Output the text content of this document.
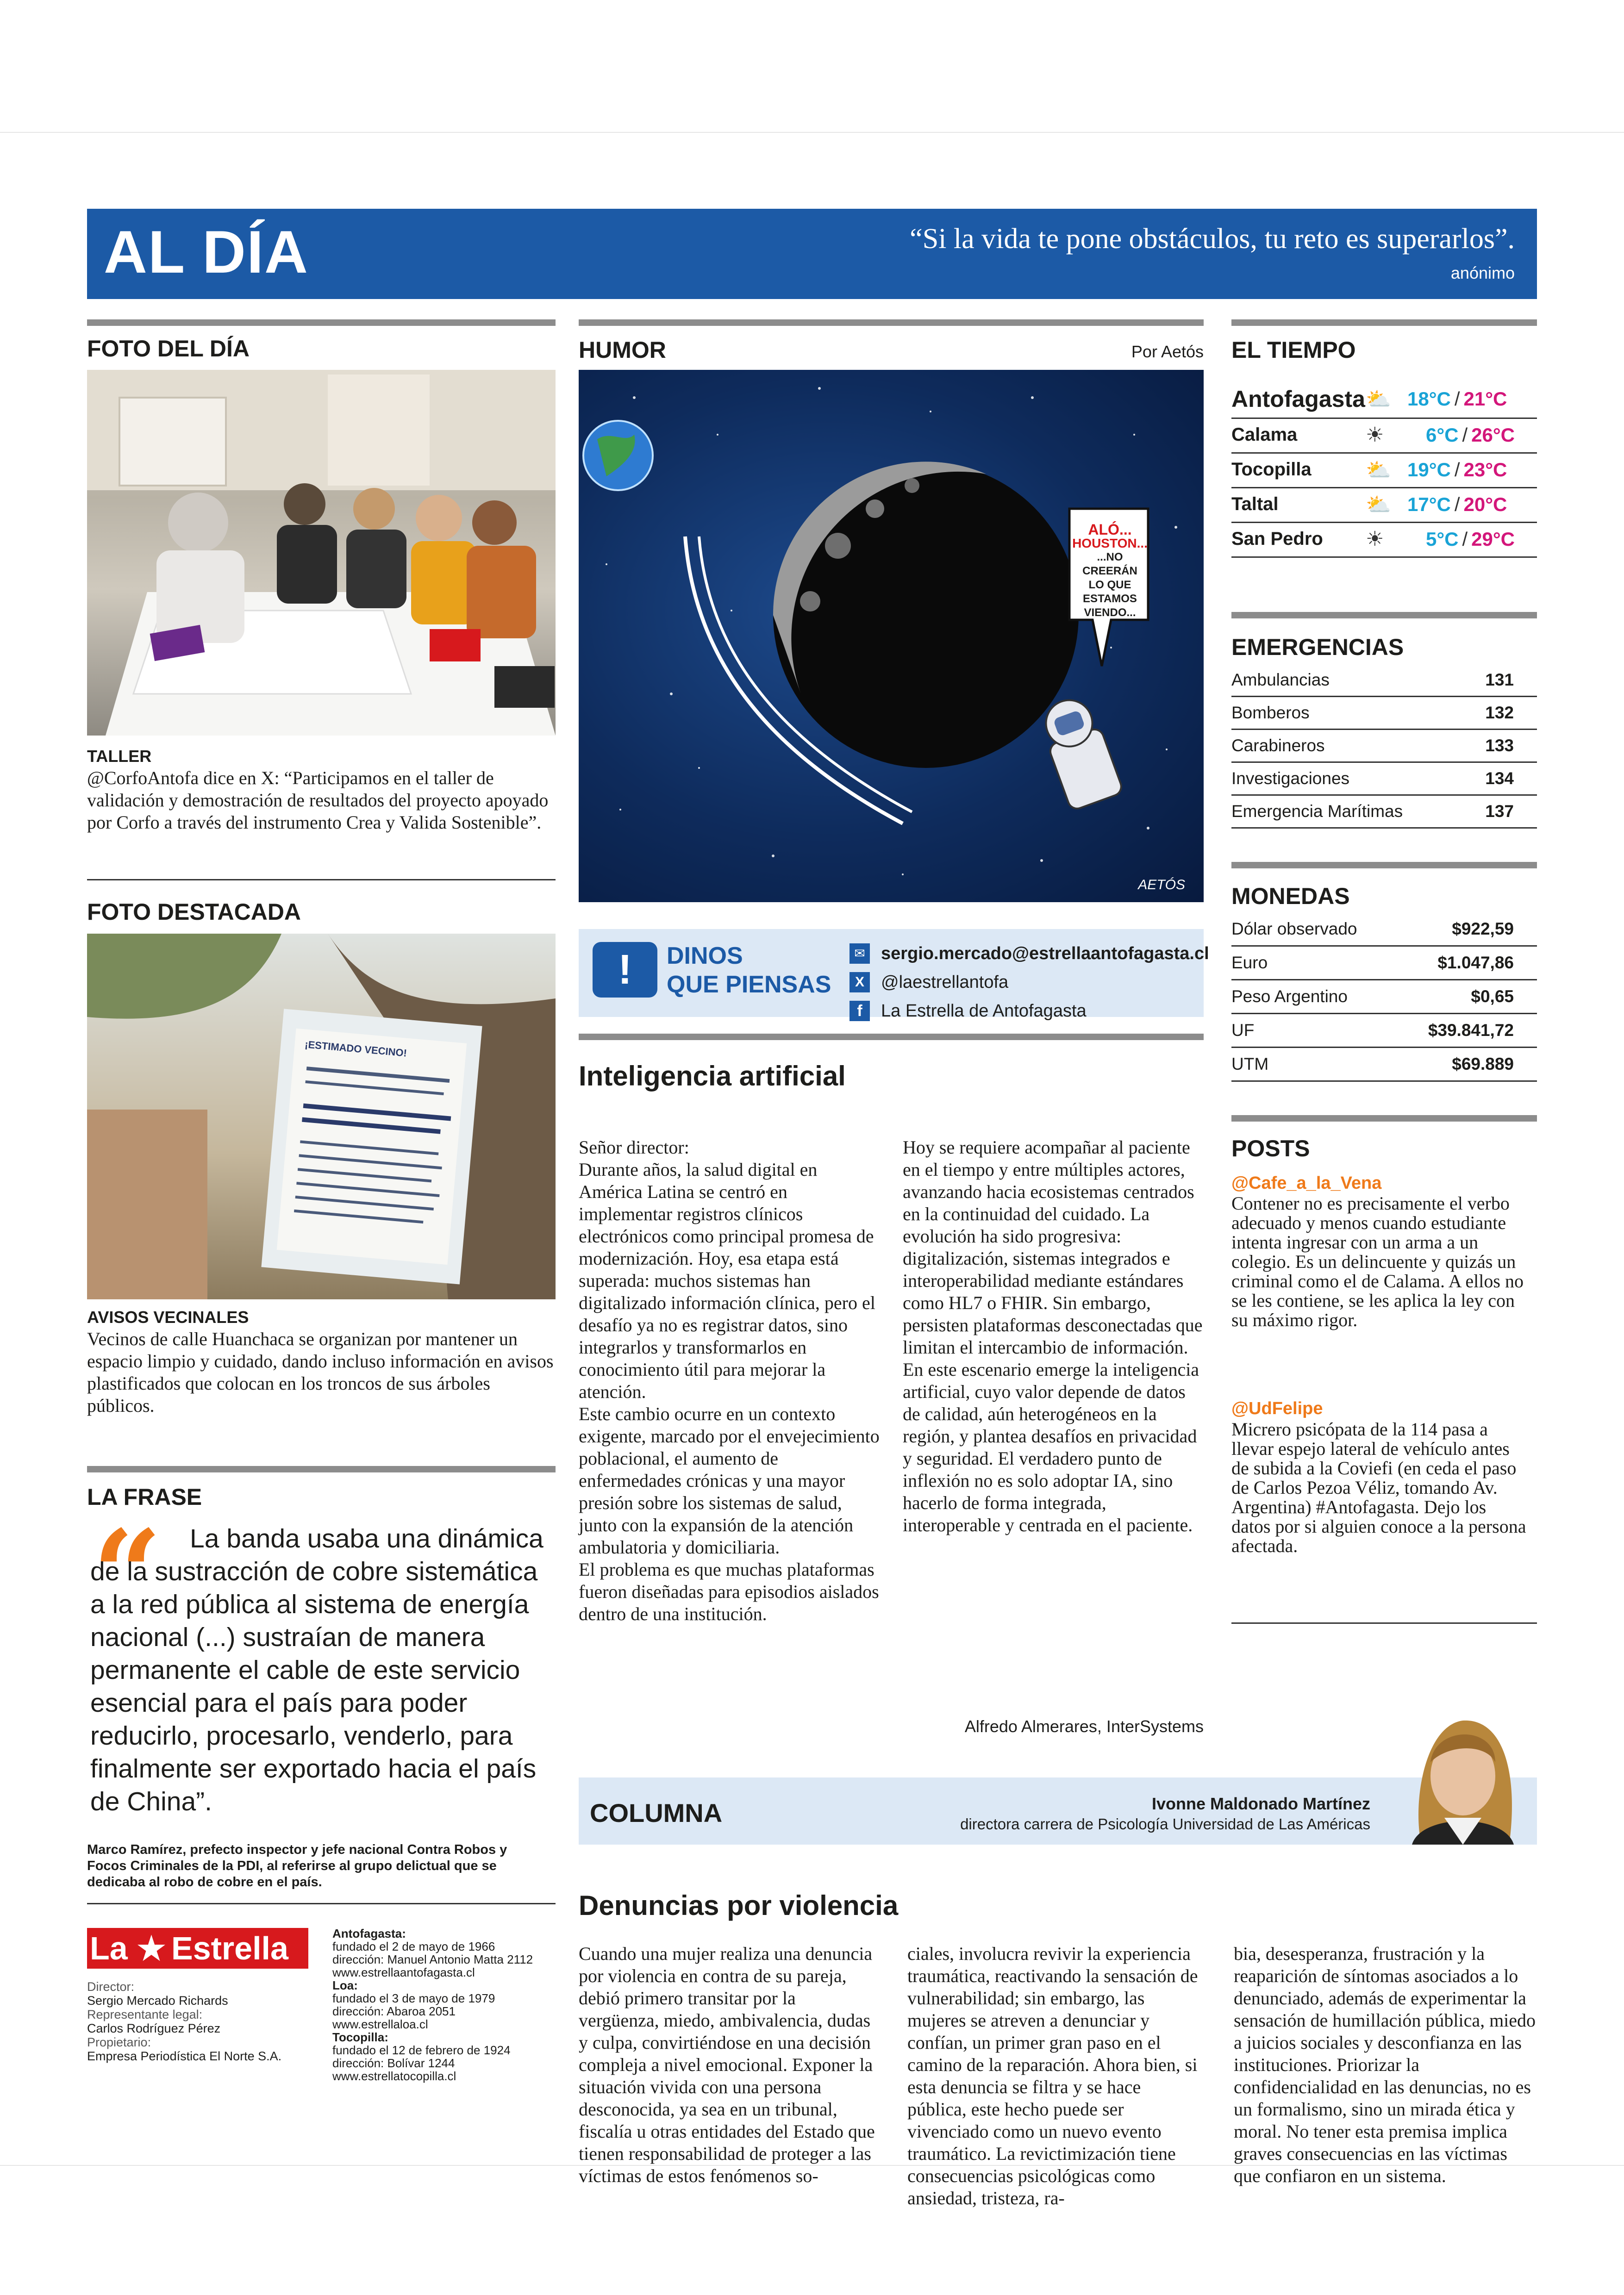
AL DÍA	“Si la vida te pone obstáculos, tu reto es superarlos”.
anónimo
FOTO DEL DÍA
TALLER
@CorfoAntofa dice en X: “Participamos en el taller de validación y demostración de resultados del proyecto apoyado por Corfo a través del instrumento Crea y Valida Sostenible”.
FOTO DESTACADA
¡ESTIMADO VECINO!
AVISOS VECINALES
Vecinos de calle Huanchaca se organizan por mantener un espacio limpio y cuidado, dando incluso información en avisos plastificados que colocan en los troncos de sus árboles públicos.
LA FRASE
“	La banda usaba una dinámica de la sustracción de cobre sistemática a la red pública al sistema de energía nacional (...) sustraían de manera permanente el cable de este servicio esencial para el país para poder reducirlo, procesarlo, venderlo, para finalmente ser exportado hacia el país de China”.
Marco Ramírez, prefecto inspector y jefe nacional Contra Robos y Focos Criminales de la PDI, al referirse al grupo delictual que se dedicaba al robo de cobre en el país.
La ★ Estrella
Director:
Sergio Mercado Richards
Representante legal:
Carlos Rodríguez Pérez
Propietario:
Empresa Periodística El Norte S.A.
Antofagasta:
fundado el 2 de mayo de 1966
dirección: Manuel Antonio Matta 2112
www.estrellaantofagasta.cl
Loa:
fundado el 3 de mayo de 1979
dirección: Abaroa 2051
www.estrellaloa.cl
Tocopilla:
fundado el 12 de febrero de 1924
dirección: Bolívar 1244
www.estrellatocopilla.cl
HUMOR	Por Aetós
ALÓ...
HOUSTON...
...NO CREERÁN
LO QUE
ESTAMOS
VIENDO...
AETÓS
!	DINOS
QUE PIENSAS
✉ sergio.mercado@estrellaantofagasta.cl
X @laestrellantofa
f	La Estrella de Antofagasta
Inteligencia artificial

Señor director:

Durante años, la salud digital en América Latina se centró en implementar registros clínicos electrónicos como principal promesa de modernización. Hoy, esa etapa está superada: muchos sistemas han digitalizado información clínica, pero el desafío ya no es registrar datos, sino integrarlos y transformarlos en conocimiento útil para mejorar la atención.

Este cambio ocurre en un contexto exigente, marcado por el envejecimiento poblacional, el aumento de enfermedades crónicas y una mayor presión sobre los sistemas de salud, junto con la expansión de la atención ambulatoria y domiciliaria.

El problema es que muchas plataformas fueron diseñadas para episodios aislados dentro de una institución.

Hoy se requiere acompañar al paciente en el tiempo y entre múltiples actores, avanzando hacia ecosistemas centrados en la continuidad del cuidado. La evolución ha sido progresiva: digitalización, sistemas integrados e interoperabilidad mediante estándares como HL7 o FHIR. Sin embargo, persisten plataformas desconectadas que limitan el intercambio de información.

En este escenario emerge la inteligencia artificial, cuyo valor depende de datos de calidad, aún heterogéneos en la región, y plantea desafíos en privacidad y seguridad. El verdadero punto de inflexión no es solo adoptar IA, sino hacerlo de forma integrada, interoperable y centrada en el paciente.

Alfredo Almerares, InterSystems
COLUMNA	Ivonne Maldonado Martínez
directora carrera de Psicología Universidad de Las Américas
Denuncias por violencia
Cuando una mujer realiza una denuncia por violencia en contra de su pareja, debió primero transitar por la vergüenza, miedo, ambivalencia, dudas y culpa, convirtiéndose en una decisión compleja a nivel emocional. Exponer la situación vivida con una persona desconocida, ya sea en un tribunal, fiscalía u otras entidades del Estado que tienen responsabilidad de proteger a las víctimas de estos fenómenos so-
ciales, involucra revivir la experiencia traumática, reactivando la sensación de vulnerabilidad; sin embargo, las mujeres se atreven a denunciar y confían, un primer gran paso en el camino de la reparación. Ahora bien, si esta denuncia se filtra y se hace pública, este hecho puede ser vivenciado como un nuevo evento traumático. La revictimización tiene consecuencias psicológicas como ansiedad, tristeza, ra-
bia, desesperanza, frustración y la reaparición de síntomas asociados a lo denunciado, además de experimentar la sensación de humillación pública, miedo a juicios sociales y desconfianza en las instituciones. Priorizar la confidencialidad en las denuncias, no es un formalismo, sino un mirada ética y moral. No tener esta premisa implica graves consecuencias en las víctimas que confiaron en un sistema.
EL TIEMPO
Antofagasta ⛅ 18°C / 21°C
Calama	☀	6°C / 26°C
Tocopilla	⛅ 19°C / 23°C
Taltal	⛅ 17°C / 20°C
San Pedro	☀	5°C / 29°C
EMERGENCIAS
Ambulancias	131
Bomberos	132
Carabineros	133
Investigaciones	134
Emergencia Marítimas	137
MONEDAS
Dólar observado	$922,59
Euro	$1.047,86
Peso Argentino	$0,65
UF	$39.841,72
UTM	$69.889
POSTS
@Cafe_a_la_Vena
Contener no es precisamente el verbo adecuado y menos cuando estudiante intenta ingresar con un arma a un colegio. Es un delincuente y quizás un criminal como el de Calama. A ellos no se les contiene, se les aplica la ley con su máximo rigor.
@UdFelipe
Micrero psicópata de la 114 pasa a llevar espejo lateral de vehículo antes de subida a la Coviefi (en ceda el paso de Carlos Pezoa Véliz, tomando Av. Argentina) #Antofagasta. Dejo los datos por si alguien conoce a la persona afectada.
